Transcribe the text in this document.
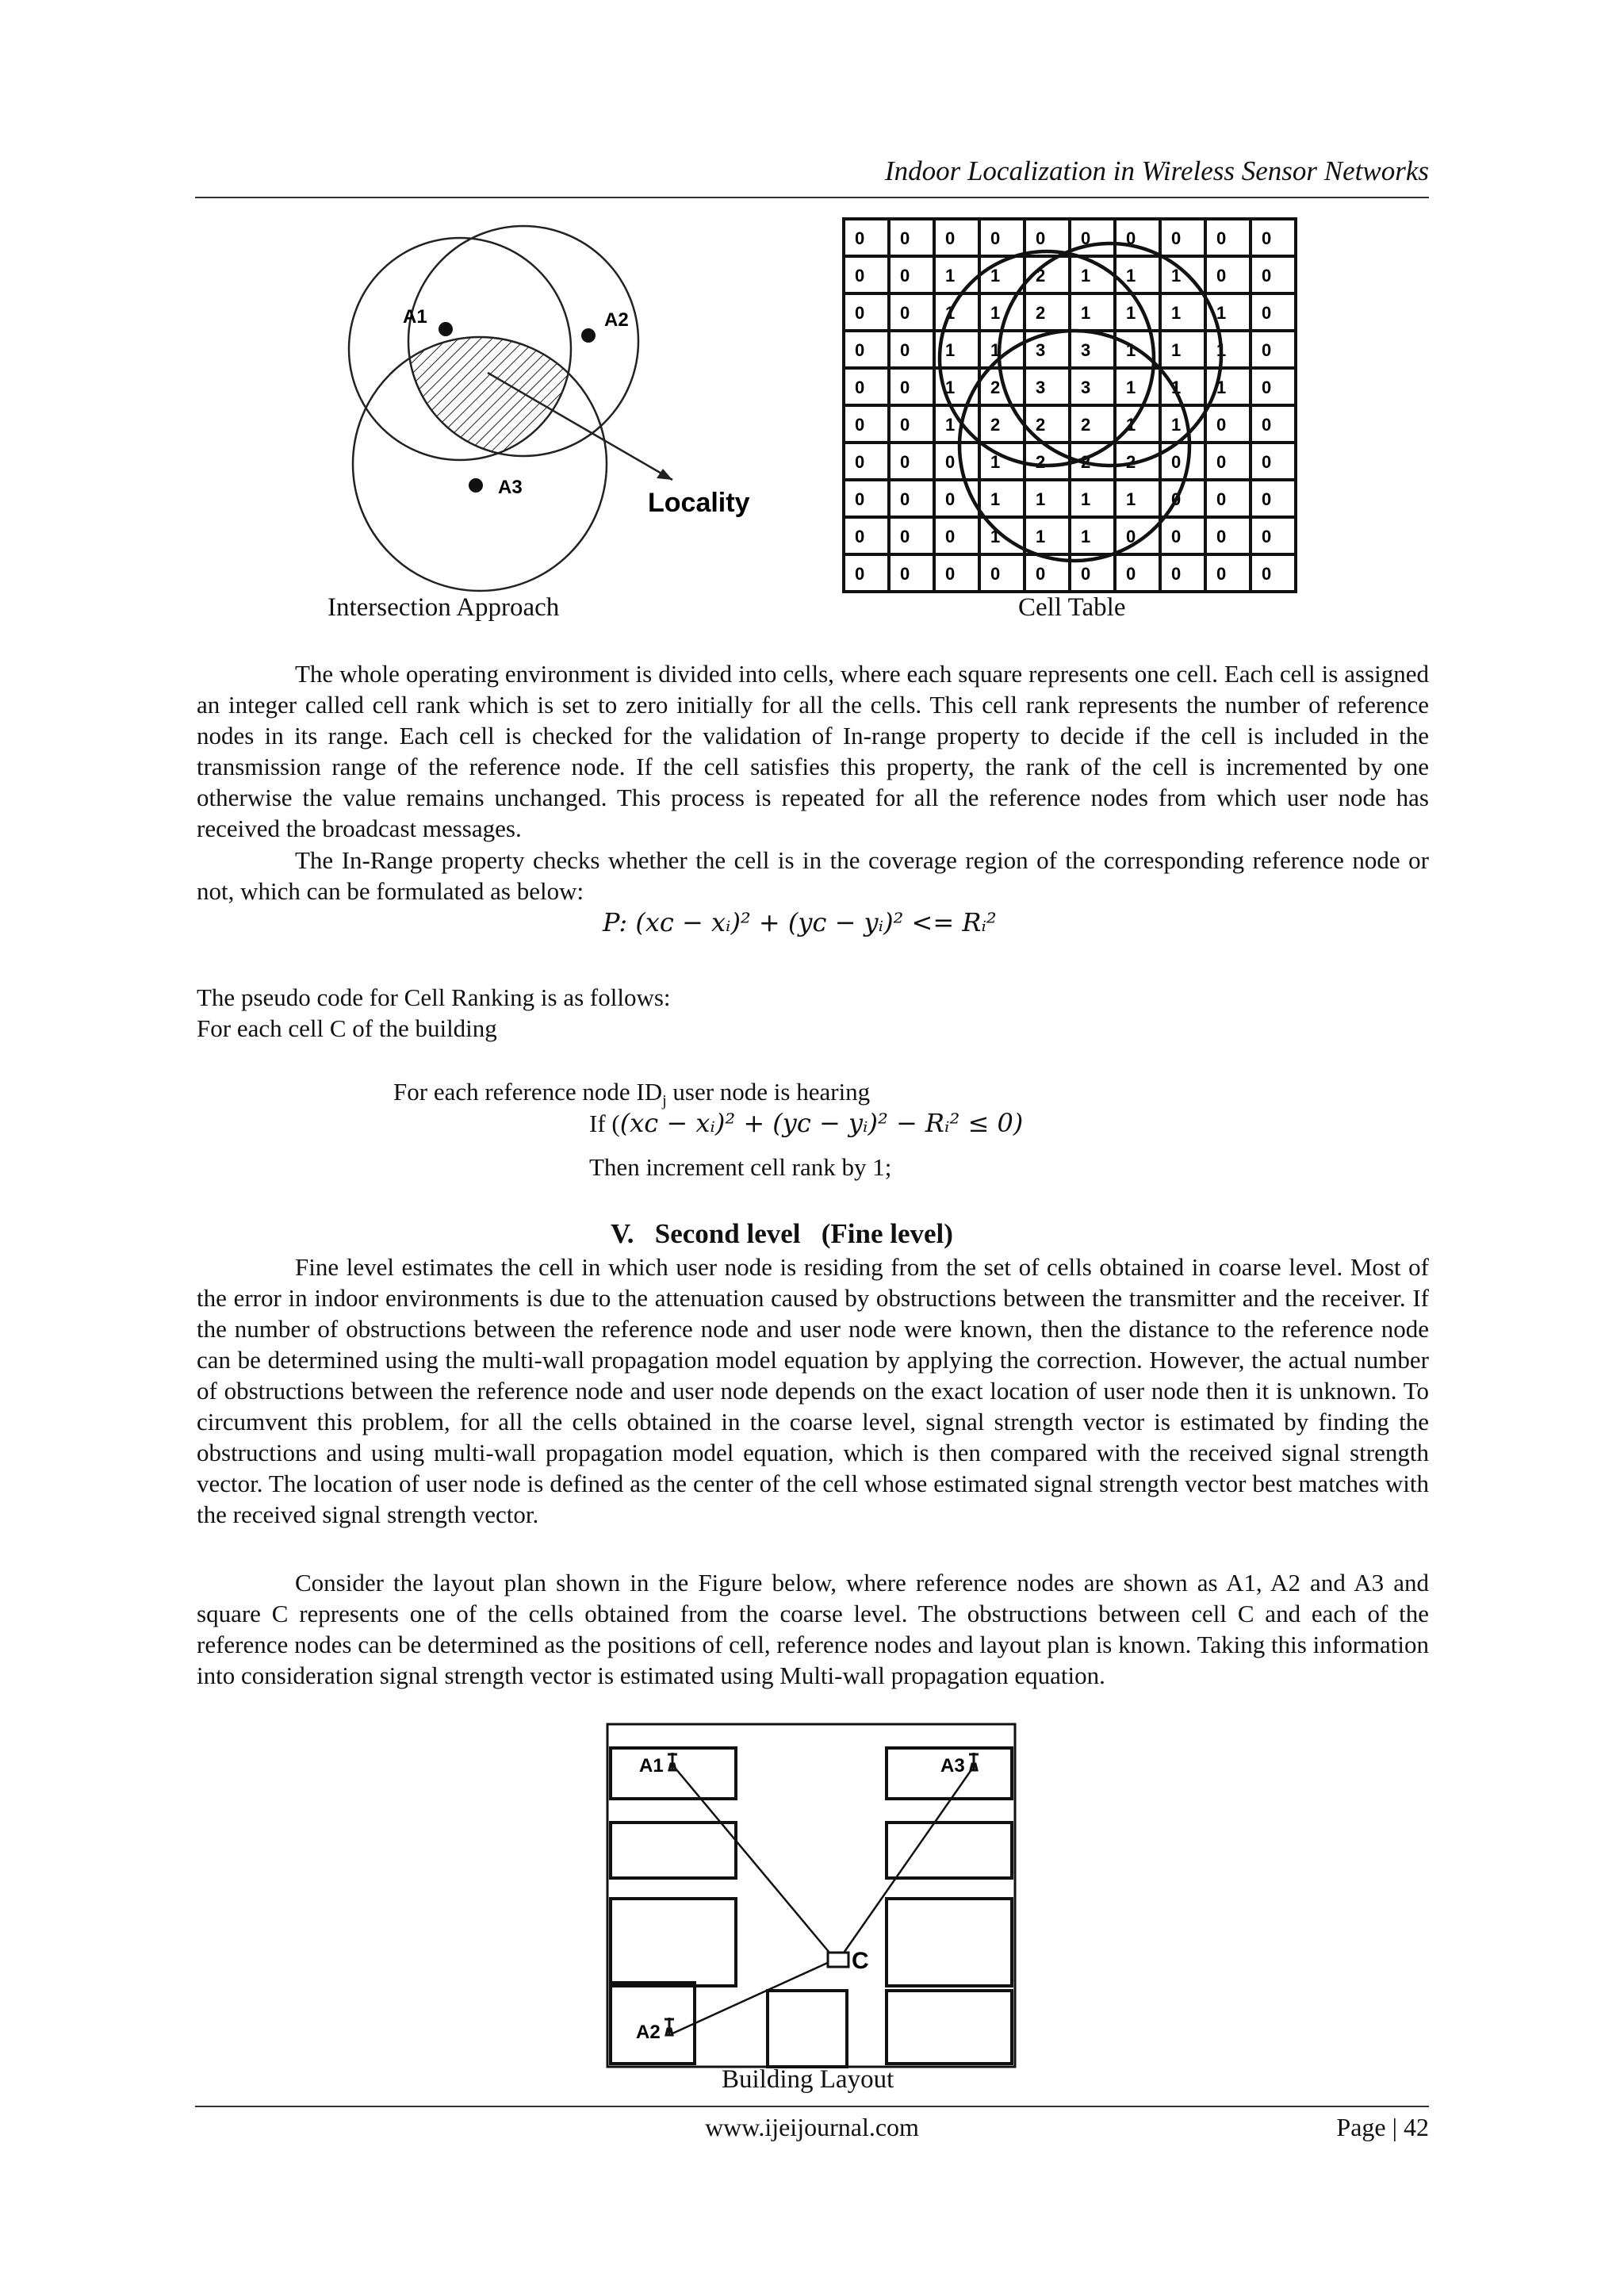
Indoor Localization in Wireless Sensor Networks
A1	A2
A3
Locality
Intersection Approach
0 0 0 0 0 0 0 0 0 0
0 0 1 1 2 1 1 1 0 0
0 0 1 1 2 1 1 1 1 0
0 0 1 1 3 3 1 1 1 0
0 0 1 2 3 3 1 1 1 0
0 0 1 2 2 2 1 1 0 0
0 0 0 1 2 2 2 0 0 0
0 0 0 1 1 1 1 0 0 0
0 0 0 1 1 1 0 0 0 0
0 0 0 0 0 0 0 0 0 0
Cell Table

The whole operating environment is divided into cells, where each square represents one cell. Each cell is assigned an integer called cell rank which is set to zero initially for all the cells. This cell rank represents the number of reference nodes in its range. Each cell is checked for the validation of In-range property to decide if the cell is included in the transmission range of the reference node. If the cell satisfies this property, the rank of the cell is incremented by one otherwise the value remains unchanged. This process is repeated for all the reference nodes from which user node has received the broadcast messages.

The In-Range property checks whether the cell is in the coverage region of the corresponding reference node or not, which can be formulated as below:

P: (xᴄ − xᵢ)² + (yᴄ − yᵢ)² <= Rᵢ²
The pseudo code for Cell Ranking is as follows:
For each cell C of the building
For each reference node $ID_j$ user node is hearing
If ((xᴄ − xᵢ)² + (yᴄ − yᵢ)² − Rᵢ² ≤ 0)
Then increment cell rank by 1;
V.   Second level   (Fine level)

Fine level estimates the cell in which user node is residing from the set of cells obtained in coarse level. Most of the error in indoor environments is due to the attenuation caused by obstructions between the transmitter and the receiver. If the number of obstructions between the reference node and user node were known, then the distance to the reference node can be determined using the multi-wall propagation model equation by applying the correction. However, the actual number of obstructions between the reference node and user node depends on the exact location of user node then it is unknown. To circumvent this problem, for all the cells obtained in the coarse level, signal strength vector is estimated by finding the obstructions and using multi-wall propagation model equation, which is then compared with the received signal strength vector. The location of user node is defined as the center of the cell whose estimated signal strength vector best matches with the received signal strength vector.

Consider the layout plan shown in the Figure below, where reference nodes are shown as A1, A2 and A3 and square C represents one of the cells obtained from the coarse level. The obstructions between cell C and each of the reference nodes can be determined as the positions of cell, reference nodes and layout plan is known. Taking this information into consideration signal strength vector is estimated using Multi-wall propagation equation.

A1	A3
A2
C
Building Layout
www.ijeijournal.com	Page | 42
